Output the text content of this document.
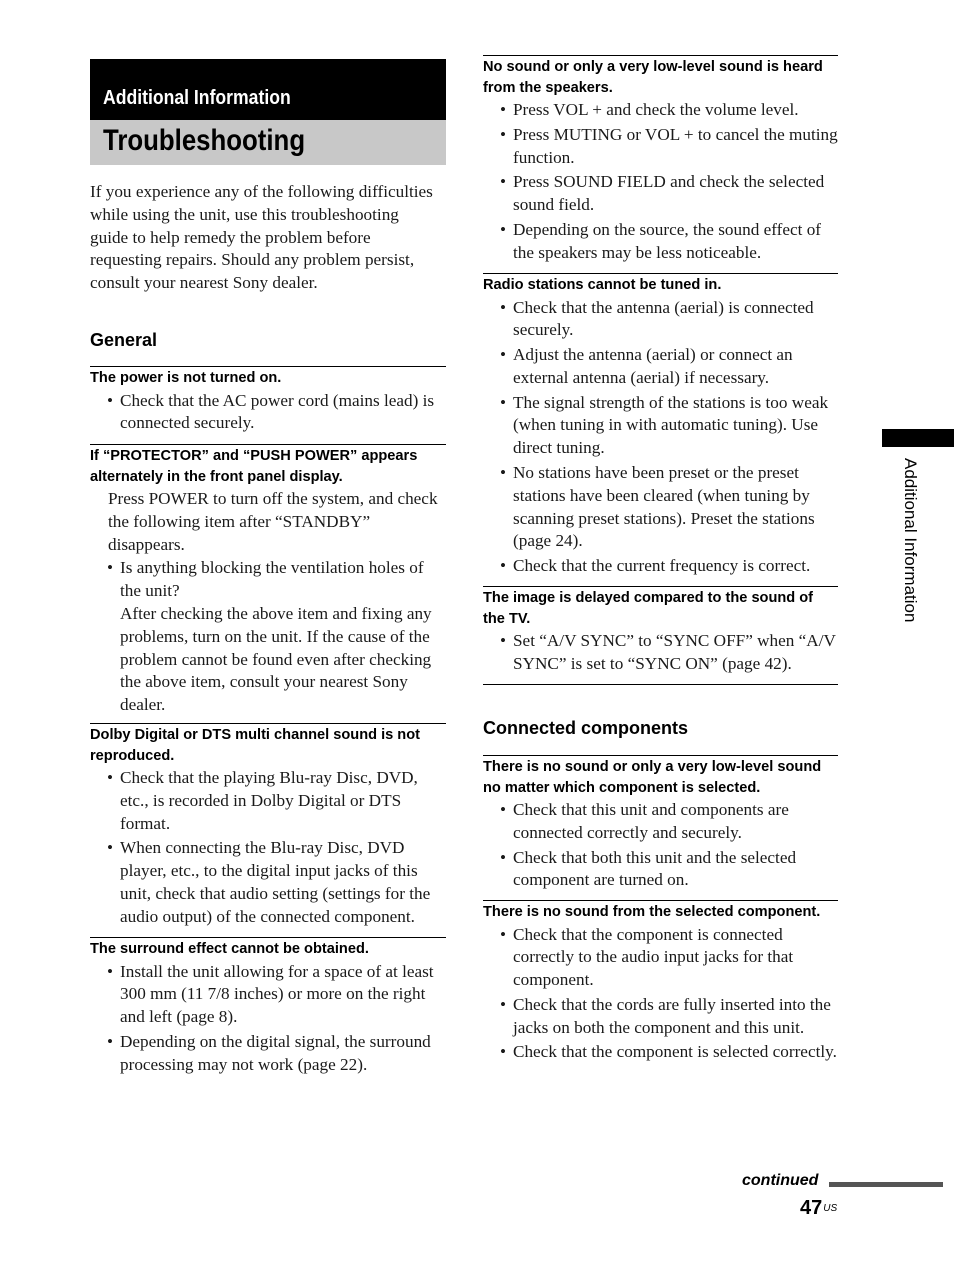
Additional Information
Troubleshooting
If you experience any of the following difficulties while using the unit, use this troubleshooting guide to help remedy the problem before requesting repairs. Should any problem persist, consult your nearest Sony dealer.
General
The power is not turned on.
• Check that the AC power cord (mains lead) is connected securely.
If “PROTECTOR” and “PUSH POWER” appears alternately in the front panel display.
Press POWER to turn off the system, and check the following item after “STANDBY” disappears.
• Is anything blocking the ventilation holes of the unit?
After checking the above item and fixing any problems, turn on the unit. If the cause of the problem cannot be found even after checking the above item, consult your nearest Sony dealer.
Dolby Digital or DTS multi channel sound is not reproduced.
• Check that the playing Blu-ray Disc, DVD, etc., is recorded in Dolby Digital or DTS format.
• When connecting the Blu-ray Disc, DVD player, etc., to the digital input jacks of this unit, check that audio setting (settings for the audio output) of the connected component.
The surround effect cannot be obtained.
• Install the unit allowing for a space of at least 300 mm (11 7/8 inches) or more on the right and left (page 8).
• Depending on the digital signal, the surround processing may not work (page 22).
No sound or only a very low-level sound is heard from the speakers.
• Press VOL + and check the volume level.
• Press MUTING or VOL + to cancel the muting function.
• Press SOUND FIELD and check the selected sound field.
• Depending on the source, the sound effect of the speakers may be less noticeable.
Radio stations cannot be tuned in.
• Check that the antenna (aerial) is connected securely.
• Adjust the antenna (aerial) or connect an external antenna (aerial) if necessary.
• The signal strength of the stations is too weak (when tuning in with automatic tuning). Use direct tuning.
• No stations have been preset or the preset stations have been cleared (when tuning by scanning preset stations). Preset the stations (page 24).
• Check that the current frequency is correct.
The image is delayed compared to the sound of the TV.
• Set “A/V SYNC” to “SYNC OFF” when “A/V SYNC” is set to “SYNC ON” (page 42).
Connected components
There is no sound or only a very low-level sound no matter which component is selected.
• Check that this unit and components are connected correctly and securely.
• Check that both this unit and the selected component are turned on.
There is no sound from the selected component.
• Check that the component is connected correctly to the audio input jacks for that component.
• Check that the cords are fully inserted into the jacks on both the component and this unit.
• Check that the component is selected correctly.
Additional Information
continued
$47^{US}$
